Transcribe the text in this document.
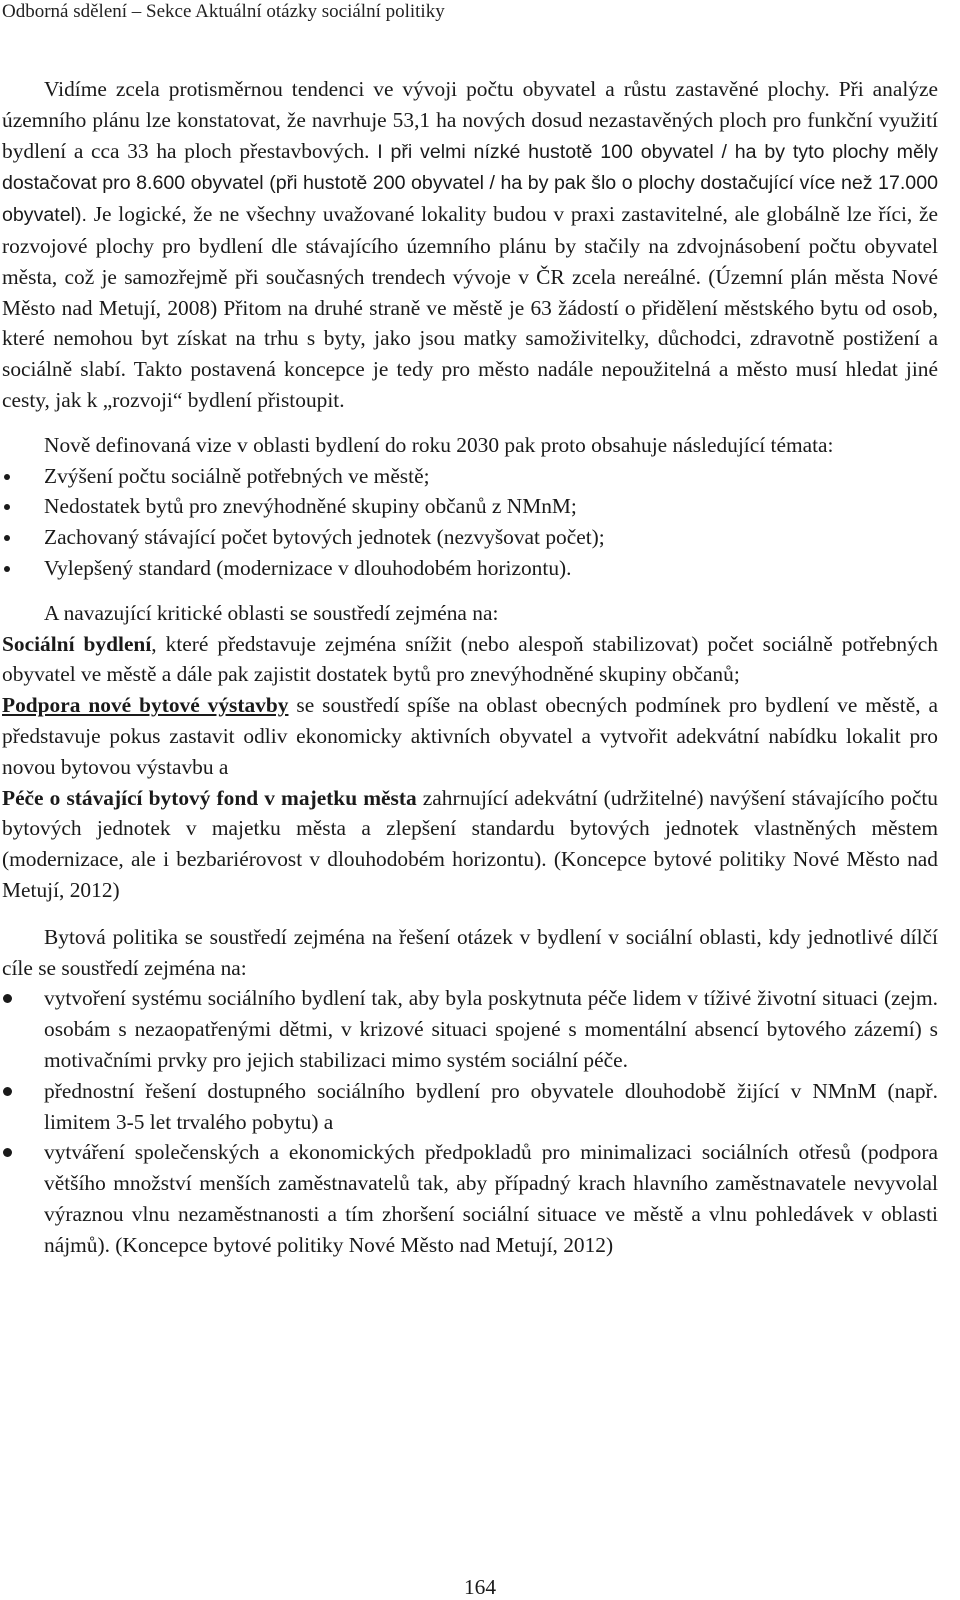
Odborná sdělení – Sekce Aktuální otázky sociální politiky

Vidíme zcela protisměrnou tendenci ve vývoji počtu obyvatel a růstu zastavěné plochy. Při analýze územního plánu lze konstatovat, že navrhuje 53,1 ha nových dosud nezastavěných ploch pro funkční využití bydlení a cca 33 ha ploch přestavbových. I při velmi nízké hustotě 100 obyvatel / ha by tyto plochy měly dostačovat pro 8.600 obyvatel (při hustotě 200 obyvatel / ha by pak šlo o plochy dostačující více než 17.000 obyvatel). Je logické, že ne všechny uvažované lokality budou v praxi zastavitelné, ale globálně lze říci, že rozvojové plochy pro bydlení dle stávajícího územního plánu by stačily na zdvojnásobení počtu obyvatel města, což je samozřejmě při současných trendech vývoje v ČR zcela nereálné. (Územní plán města Nové Město nad Metují, 2008) Přitom na druhé straně ve městě je 63 žádostí o přidělení městského bytu od osob, které nemohou byt získat na trhu s byty, jako jsou matky samoživitelky, důchodci, zdravotně postižení a sociálně slabí. Takto postavená koncepce je tedy pro město nadále nepoužitelná a město musí hledat jiné cesty, jak k „rozvoji“ bydlení přistoupit.

Nově definovaná vize v oblasti bydlení do roku 2030 pak proto obsahuje následující témata:

Zvýšení počtu sociálně potřebných ve městě;
Nedostatek bytů pro znevýhodněné skupiny občanů z NMnM;
Zachovaný stávající počet bytových jednotek (nezvyšovat počet);
Vylepšený standard (modernizace v dlouhodobém horizontu).

A navazující kritické oblasti se soustředí zejména na:

Sociální bydlení, které představuje zejména snížit (nebo alespoň stabilizovat) počet sociálně potřebných obyvatel ve městě a dále pak zajistit dostatek bytů pro znevýhodněné skupiny občanů;

Podpora nové bytové výstavby se soustředí spíše na oblast obecných podmínek pro bydlení ve městě, a představuje pokus zastavit odliv ekonomicky aktivních obyvatel a vytvořit adekvátní nabídku lokalit pro novou bytovou výstavbu a

Péče o stávající bytový fond v majetku města zahrnující adekvátní (udržitelné) navýšení stávajícího počtu bytových jednotek v majetku města a zlepšení standardu bytových jednotek vlastněných městem (modernizace, ale i bezbariérovost v dlouhodobém horizontu). (Koncepce bytové politiky Nové Město nad Metují, 2012)

Bytová politika se soustředí zejména na řešení otázek v bydlení v sociální oblasti, kdy jednotlivé dílčí cíle se soustředí zejména na:

vytvoření systému sociálního bydlení tak, aby byla poskytnuta péče lidem v tíživé životní situaci (zejm. osobám s nezaopatřenými dětmi, v krizové situaci spojené s momentální absencí bytového zázemí) s motivačními prvky pro jejich stabilizaci mimo systém sociální péče.
přednostní řešení dostupného sociálního bydlení pro obyvatele dlouhodobě žijící v NMnM (např. limitem 3-5 let trvalého pobytu) a
vytváření společenských a ekonomických předpokladů pro minimalizaci sociálních otřesů (podpora většího množství menších zaměstnavatelů tak, aby případný krach hlavního zaměstnavatele nevyvolal výraznou vlnu nezaměstnanosti a tím zhoršení sociální situace ve městě a vlnu pohledávek v oblasti nájmů). (Koncepce bytové politiky Nové Město nad Metují, 2012)
164
